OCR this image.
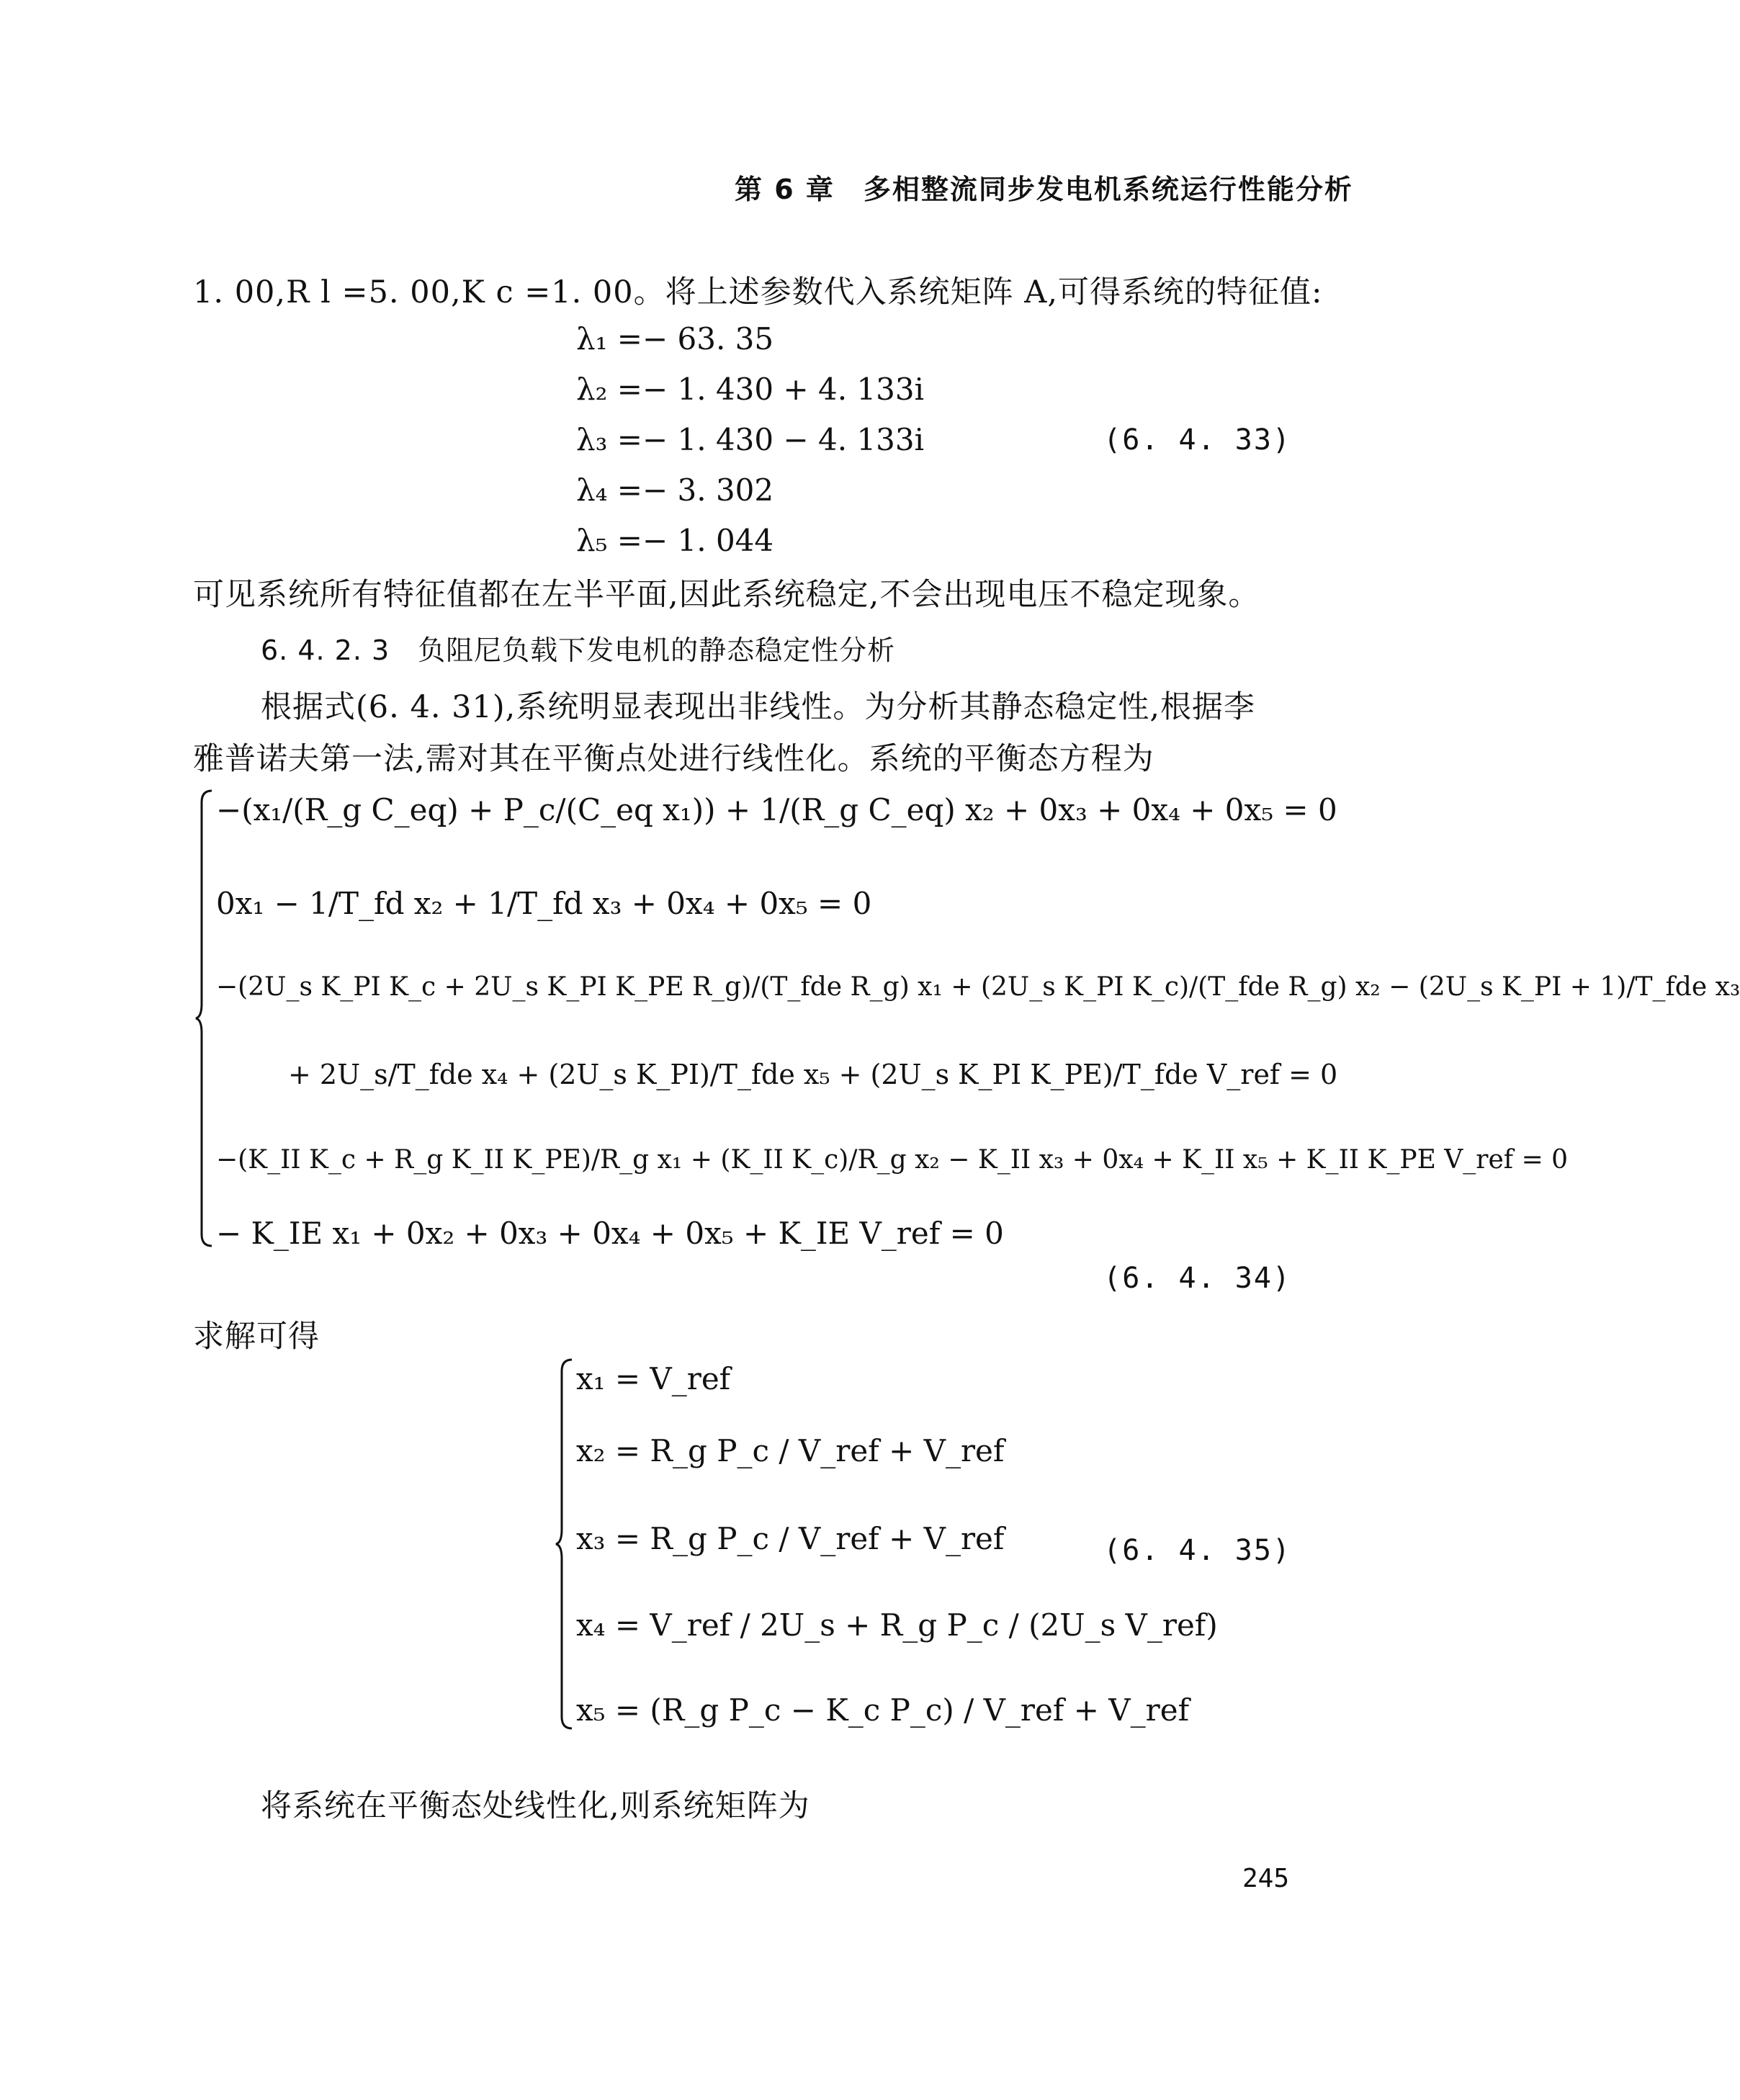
第 6 章　多相整流同步发电机系统运行性能分析
1. 00,R l =5. 00,K c =1. 00。将上述参数代入系统矩阵 A,可得系统的特征值:
λ₁ =− 63. 35
λ₂ =− 1. 430 + 4. 133i
λ₃ =− 1. 430 − 4. 133i
λ₄ =− 3. 302
λ₅ =− 1. 044
(6. 4. 33)
可见系统所有特征值都在左半平面,因此系统稳定,不会出现电压不稳定现象。
6. 4. 2. 3　负阻尼负载下发电机的静态稳定性分析
根据式(6. 4. 31),系统明显表现出非线性。为分析其静态稳定性,根据李
雅普诺夫第一法,需对其在平衡点处进行线性化。系统的平衡态方程为
−(x₁/(R_g C_eq) + P_c/(C_eq x₁)) + 1/(R_g C_eq) x₂ + 0x₃ + 0x₄ + 0x₅ = 0
0x₁ − 1/T_fd x₂ + 1/T_fd x₃ + 0x₄ + 0x₅ = 0
−(2U_s K_PI K_c + 2U_s K_PI K_PE R_g)/(T_fde R_g) x₁ + (2U_s K_PI K_c)/(T_fde R_g) x₂ − (2U_s K_PI + 1)/T_fde x₃
+ 2U_s/T_fde x₄ + (2U_s K_PI)/T_fde x₅ + (2U_s K_PI K_PE)/T_fde V_ref = 0
−(K_II K_c + R_g K_II K_PE)/R_g x₁ + (K_II K_c)/R_g x₂ − K_II x₃ + 0x₄ + K_II x₅ + K_II K_PE V_ref = 0
− K_IE x₁ + 0x₂ + 0x₃ + 0x₄ + 0x₅ + K_IE V_ref = 0
(6. 4. 34)
求解可得
x₁ = V_ref
x₂ = R_g P_c / V_ref + V_ref
x₃ = R_g P_c / V_ref + V_ref
x₄ = V_ref / 2U_s + R_g P_c / (2U_s V_ref)
x₅ = (R_g P_c − K_c P_c) / V_ref + V_ref
(6. 4. 35)
将系统在平衡态处线性化,则系统矩阵为
245
